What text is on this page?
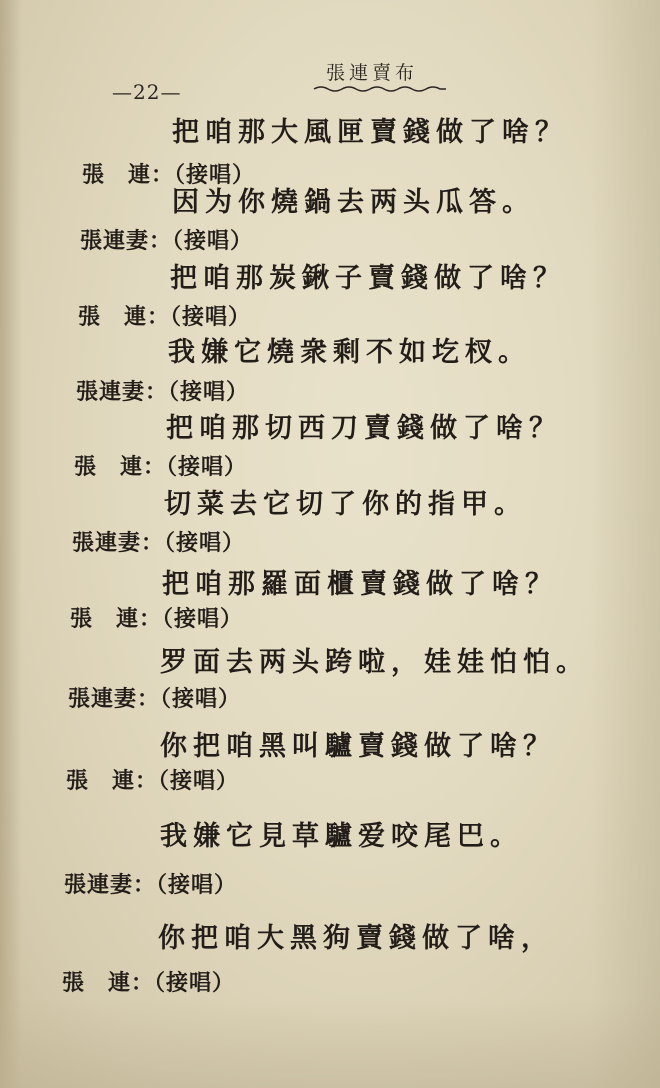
—22—
張連賣布
把咱那大風匣賣錢做了啥？
張　連：（接唱）
因为你燒鍋去两头瓜答。
張連妻：（接唱）
把咱那炭鍬子賣錢做了啥？
張　連：（接唱）
我嫌它燒衆剩不如圪杈。
張連妻：（接唱）
把咱那切西刀賣錢做了啥？
張　連：（接唱）
切菜去它切了你的指甲。
張連妻：（接唱）
把咱那羅面櫃賣錢做了啥？
張　連：（接唱）
罗面去两头跨啦，娃娃怕怕。
張連妻：（接唱）
你把咱黑叫驢賣錢做了啥？
張　連：（接唱）
我嫌它見草驢爱咬尾巴。
張連妻：（接唱）
你把咱大黑狗賣錢做了啥，
張　連：（接唱）
